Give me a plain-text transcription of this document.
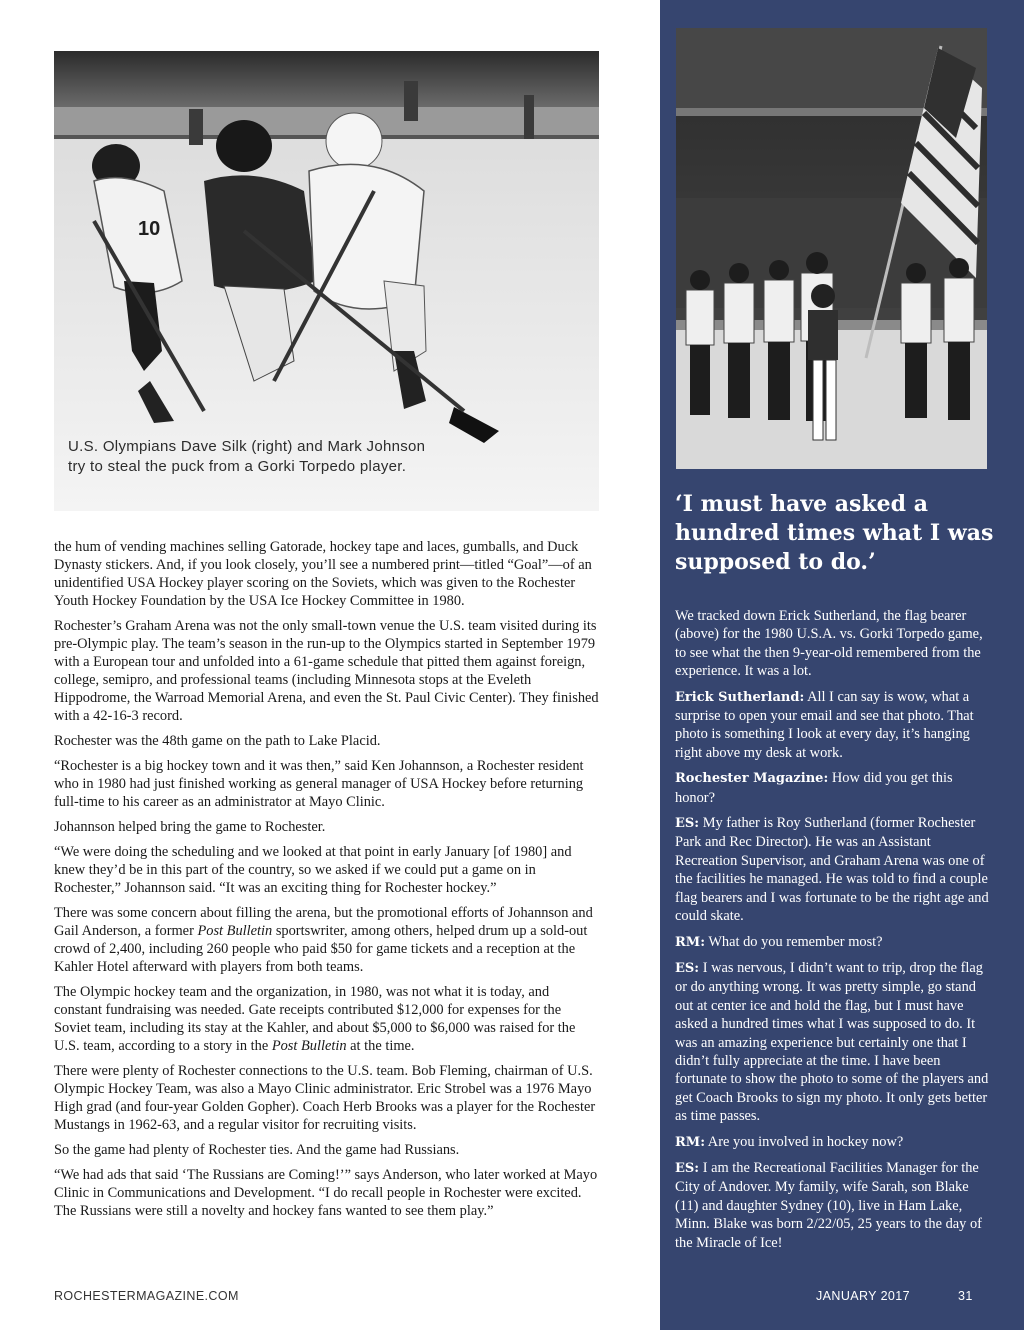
10
U.S. Olympians Dave Silk (right) and Mark Johnson try to steal the puck from a Gorki Torpedo player.

the hum of vending machines selling Gatorade, hockey tape and laces, gumballs, and Duck Dynasty stickers. And, if you look closely, you’ll see a numbered print—titled “Goal”—of an unidentified USA Hockey player scoring on the Soviets, which was given to the Rochester Youth Hockey Foundation by the USA Ice Hockey Committee in 1980.

Rochester’s Graham Arena was not the only small-town venue the U.S. team visited during its pre-Olympic play. The team’s season in the run-up to the Olympics started in September 1979 with a European tour and unfolded into a 61-game schedule that pitted them against foreign, college, semipro, and professional teams (including Minnesota stops at the Eveleth Hippodrome, the Warroad Memorial Arena, and even the St. Paul Civic Center). They finished with a 42-16-3 record.

Rochester was the 48th game on the path to Lake Placid.

“Rochester is a big hockey town and it was then,” said Ken Johannson, a Rochester resident who in 1980 had just finished working as general manager of USA Hockey before returning full-time to his career as an administrator at Mayo Clinic.

Johannson helped bring the game to Rochester.

“We were doing the scheduling and we looked at that point in early January [of 1980] and knew they’d be in this part of the country, so we asked if we could put a game on in Rochester,” Johannson said. “It was an exciting thing for Rochester hockey.”

There was some concern about filling the arena, but the promotional efforts of Johannson and Gail Anderson, a former Post Bulletin sportswriter, among others, helped drum up a sold-out crowd of 2,400, including 260 people who paid $50 for game tickets and a reception at the Kahler Hotel afterward with players from both teams.

The Olympic hockey team and the organization, in 1980, was not what it is today, and constant fundraising was needed. Gate receipts contributed $12,000 for expenses for the Soviet team, including its stay at the Kahler, and about $5,000 to $6,000 was raised for the U.S. team, according to a story in the Post Bulletin at the time.

There were plenty of Rochester connections to the U.S. team. Bob Fleming, chairman of U.S. Olympic Hockey Team, was also a Mayo Clinic administrator. Eric Strobel was a 1976 Mayo High grad (and four-year Golden Gopher). Coach Herb Brooks was a player for the Rochester Mustangs in 1962-63, and a regular visitor for recruiting visits.

So the game had plenty of Rochester ties. And the game had Russians.

“We had ads that said ‘The Russians are Coming!’” says Anderson, who later worked at Mayo Clinic in Communications and Development. “I do recall people in Rochester were excited. The Russians were still a novelty and hockey fans wanted to see them play.”

‘I must have asked a hundred times what I was supposed to do.’

We tracked down Erick Sutherland, the flag bearer (above) for the 1980 U.S.A. vs. Gorki Torpedo game, to see what the then 9-year-old remembered from the experience. It was a lot.

Erick Sutherland: All I can say is wow, what a surprise to open your email and see that photo. That photo is something I look at every day, it’s hanging right above my desk at work.

Rochester Magazine: How did you get this honor?

ES: My father is Roy Sutherland (former Rochester Park and Rec Director). He was an Assistant Recreation Supervisor, and Graham Arena was one of the facilities he managed. He was told to find a couple flag bearers and I was fortunate to be the right age and could skate.

RM: What do you remember most?

ES: I was nervous, I didn’t want to trip, drop the flag or do anything wrong. It was pretty simple, go stand out at center ice and hold the flag, but I must have asked a hundred times what I was supposed to do. It was an amazing experience but certainly one that I didn’t fully appreciate at the time. I have been fortunate to show the photo to some of the players and get Coach Brooks to sign my photo. It only gets better as time passes.

RM: Are you involved in hockey now?

ES: I am the Recreational Facilities Manager for the City of Andover. My family, wife Sarah, son Blake (11) and daughter Sydney (10), live in Ham Lake, Minn. Blake was born 2/22/05, 25 years to the day of the Miracle of Ice!

ROCHESTERMAGAZINE.COM	JANUARY 2017	31
